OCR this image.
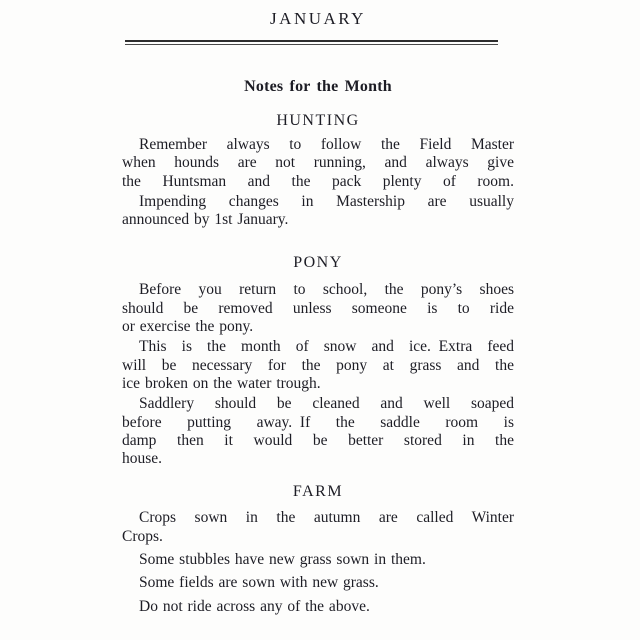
JANUARY
Notes for the Month
HUNTING
Remember always to follow the Field Master
when hounds are not running, and always give
the Huntsman and the pack plenty of room.
Impending changes in Mastership are usually
announced by 1st January.
PONY
Before you return to school, the pony’s shoes
should be removed unless someone is to ride
or exercise the pony.
This is the month of snow and ice. Extra feed
will be necessary for the pony at grass and the
ice broken on the water trough.
Saddlery should be cleaned and well soaped
before putting away. If the saddle room is
damp then it would be better stored in the
house.
FARM
Crops sown in the autumn are called Winter
Crops.
Some stubbles have new grass sown in them.
Some fields are sown with new grass.
Do not ride across any of the above.
